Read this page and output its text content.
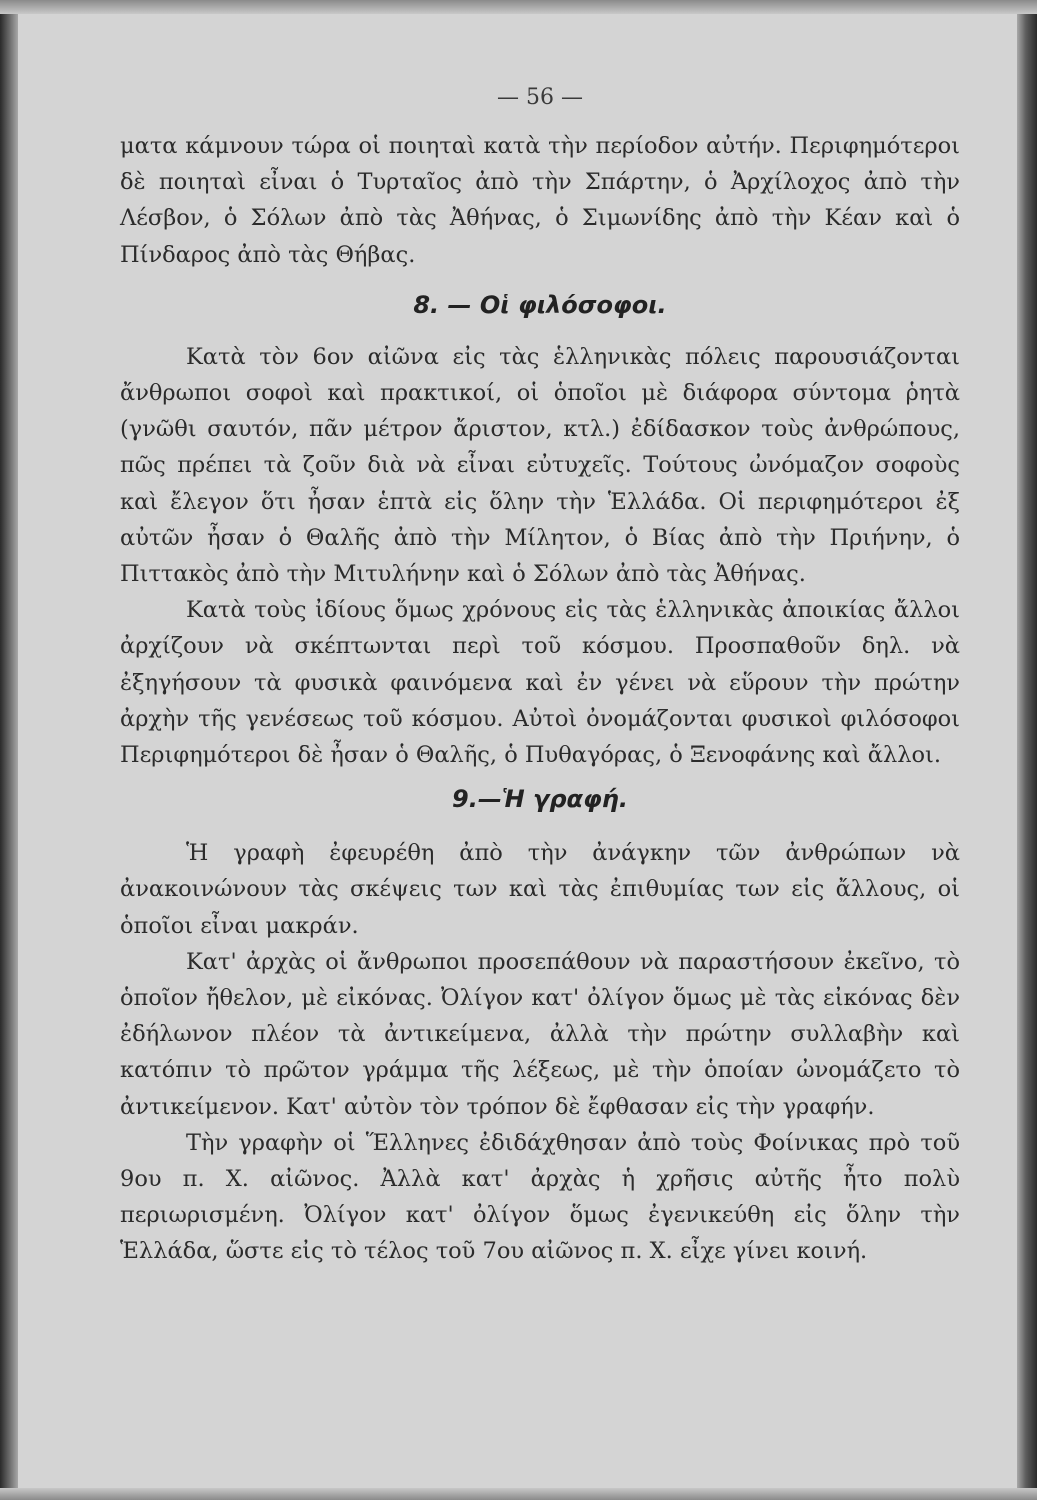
— 56 —

ματα κάμνουν τώρα οἱ ποιηταὶ κατὰ τὴν περίοδον αὐτήν. Περιφημότεροι δὲ ποιηταὶ εἶναι ὁ Τυρταῖος ἀπὸ τὴν Σπάρτην, ὁ Ἀρχίλοχος ἀπὸ τὴν Λέσβον, ὁ Σόλων ἀπὸ τὰς Ἀθήνας, ὁ Σιμωνίδης ἀπὸ τὴν Κέαν καὶ ὁ Πίνδαρος ἀπὸ τὰς Θήβας.

8. — Οἱ φιλόσοφοι.

Κατὰ τὸν 6ον αἰῶνα εἰς τὰς ἑλληνικὰς πόλεις παρουσιάζονται ἄνθρωποι σοφοὶ καὶ πρακτικοί, οἱ ὁποῖοι μὲ διάφορα σύντομα ῥητὰ (γνῶθι σαυτόν, πᾶν μέτρον ἄριστον, κτλ.) ἐδίδασκον τοὺς ἀνθρώπους, πῶς πρέπει τὰ ζοῦν διὰ νὰ εἶναι εὐτυχεῖς. Τούτους ὠνόμαζον σοφοὺς καὶ ἔλεγον ὅτι ἦσαν ἑπτὰ εἰς ὅλην τὴν Ἑλλάδα. Οἱ περιφημότεροι ἐξ αὐτῶν ἦσαν ὁ Θαλῆς ἀπὸ τὴν Μίλητον, ὁ Βίας ἀπὸ τὴν Πριήνην, ὁ Πιττακὸς ἀπὸ τὴν Μιτυλήνην καὶ ὁ Σόλων ἀπὸ τὰς Ἀθήνας.

Κατὰ τοὺς ἰδίους ὅμως χρόνους εἰς τὰς ἑλληνικὰς ἀποικίας ἄλλοι ἀρχίζουν νὰ σκέπτωνται περὶ τοῦ κόσμου. Προσπαθοῦν δηλ. νὰ ἐξηγήσουν τὰ φυσικὰ φαινόμενα καὶ ἐν γένει νὰ εὕρουν τὴν πρώτην ἀρχὴν τῆς γενέσεως τοῦ κόσμου. Αὐτοὶ ὀνομάζονται φυσικοὶ φιλόσοφοι Περιφημότεροι δὲ ἦσαν ὁ Θαλῆς, ὁ Πυθαγόρας, ὁ Ξενοφάνης καὶ ἄλλοι.

9.—Ἡ γραφή.

Ἡ γραφὴ ἐφευρέθη ἀπὸ τὴν ἀνάγκην τῶν ἀνθρώπων νὰ ἀνακοινώνουν τὰς σκέψεις των καὶ τὰς ἐπιθυμίας των εἰς ἄλλους, οἱ ὁποῖοι εἶναι μακράν.

Κατ' ἀρχὰς οἱ ἄνθρωποι προσεπάθουν νὰ παραστήσουν ἐκεῖνο, τὸ ὁποῖον ἤθελον, μὲ εἰκόνας. Ὀλίγον κατ' ὀλίγον ὅμως μὲ τὰς εἰκόνας δὲν ἐδήλωνον πλέον τὰ ἀντικείμενα, ἀλλὰ τὴν πρώτην συλλαβὴν καὶ κατόπιν τὸ πρῶτον γράμμα τῆς λέξεως, μὲ τὴν ὁποίαν ὠνομάζετο τὸ ἀντικείμενον. Κατ' αὐτὸν τὸν τρόπον δὲ ἔφθασαν εἰς τὴν γραφήν.

Τὴν γραφὴν οἱ Ἕλληνες ἐδιδάχθησαν ἀπὸ τοὺς Φοίνικας πρὸ τοῦ 9ου π. Χ. αἰῶνος. Ἀλλὰ κατ' ἀρχὰς ἡ χρῆσις αὐτῆς ἦτο πολὺ περιωρισμένη. Ὀλίγον κατ' ὀλίγον ὅμως ἐγενικεύθη εἰς ὅλην τὴν Ἑλλάδα, ὥστε εἰς τὸ τέλος τοῦ 7ου αἰῶνος π. Χ. εἶχε γίνει κοινή.
